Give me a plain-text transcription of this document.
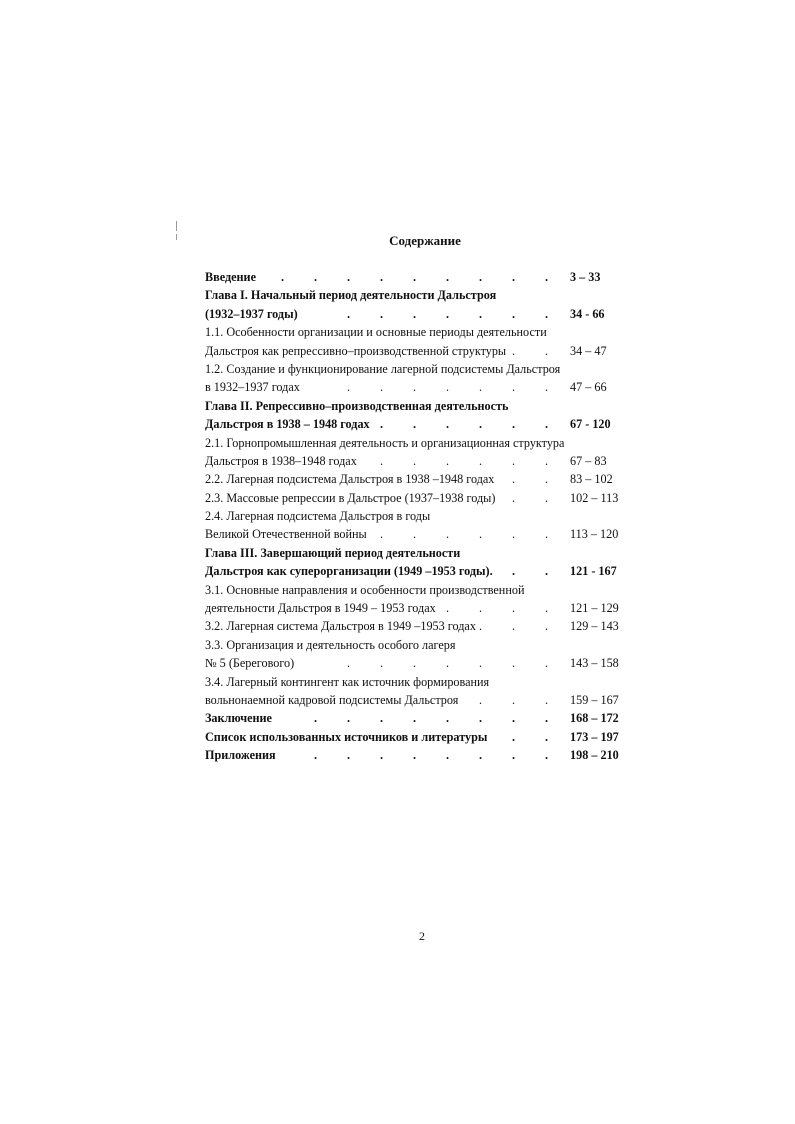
Содержание
Введение . . . . . . . . . 3 – 33
Глава I. Начальный период деятельности Дальстроя
(1932–1937 годы)	. . . . . . . 34 - 66
1.1. Особенности организации и основные периоды деятельности
Дальстроя как репрессивно–производственной структуры . . 34 – 47
1.2. Создание и функционирование лагерной подсистемы Дальстроя
в 1932–1937 годах	. . . . . . . 47 – 66
Глава II. Репрессивно–производственная деятельность
Дальстроя в 1938 – 1948 годах . . . . . . 67 - 120
2.1. Горнопромышленная деятельность и организационная структура
Дальстроя в 1938–1948 годах . . . . . . 67 – 83
2.2. Лагерная подсистема Дальстроя в 1938 –1948 годах . . 83 – 102
2.3. Массовые репрессии в Дальстрое (1937–1938 годы) . . 102 – 113
2.4. Лагерная подсистема Дальстроя в годы
Великой Отечественной войны . . . . . . 113 – 120
Глава III. Завершающий период деятельности
Дальстроя как суперорганизации (1949 –1953 годы). . . 121 - 167
3.1. Основные направления и особенности производственной
деятельности Дальстроя в 1949 – 1953 годах . . . . 121 – 129
3.2. Лагерная система Дальстроя в 1949 –1953 годах . . . 129 – 143
3.3. Организация и деятельность особого лагеря
№ 5 (Берегового)	. . . . . . . 143 – 158
3.4. Лагерный контингент как источник формирования
вольнонаемной кадровой подсистемы Дальстроя . . . 159 – 167
Заключение	. . . . . . . . 168 – 172
Список использованных источников и литературы . . 173 – 197
Приложения	. . . . . . . . 198 – 210
2
